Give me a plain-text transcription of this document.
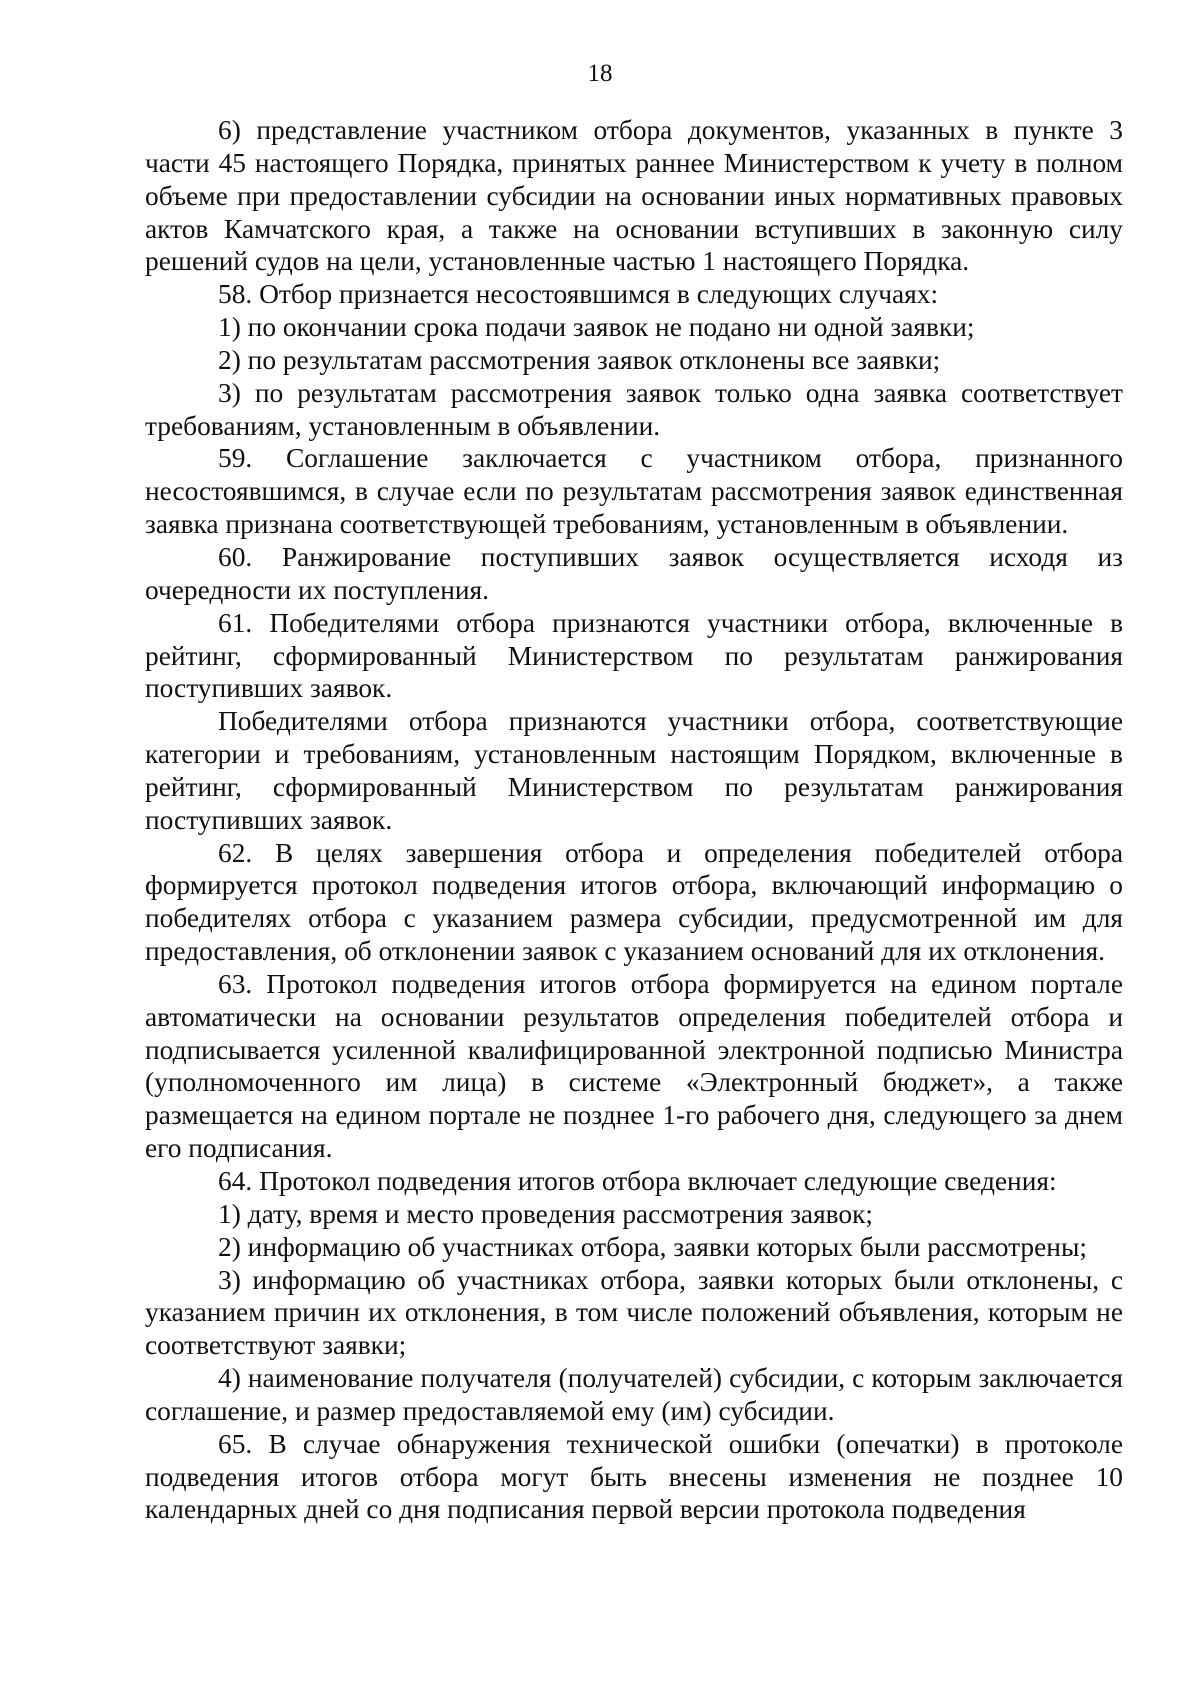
18

6) представление участником отбора документов, указанных в пункте 3 части 45 настоящего Порядка, принятых раннее Министерством к учету в полном объеме при предоставлении субсидии на основании иных нормативных правовых актов Камчатского края, а также на основании вступивших в законную силу решений судов на цели, установленные частью 1 настоящего Порядка.

58. Отбор признается несостоявшимся в следующих случаях:

1) по окончании срока подачи заявок не подано ни одной заявки;

2) по результатам рассмотрения заявок отклонены все заявки;

3) по результатам рассмотрения заявок только одна заявка соответствует требованиям, установленным в объявлении.

59. Соглашение заключается с участником отбора, признанного несостоявшимся, в случае если по результатам рассмотрения заявок единственная заявка признана соответствующей требованиям, установленным в объявлении.

60. Ранжирование поступивших заявок осуществляется исходя из очередности их поступления.

61. Победителями отбора признаются участники отбора, включенные в рейтинг, сформированный Министерством по результатам ранжирования поступивших заявок.

Победителями отбора признаются участники отбора, соответствующие категории и требованиям, установленным настоящим Порядком, включенные в рейтинг, сформированный Министерством по результатам ранжирования поступивших заявок.

62. В целях завершения отбора и определения победителей отбора формируется протокол подведения итогов отбора, включающий информацию о победителях отбора с указанием размера субсидии, предусмотренной им для предоставления, об отклонении заявок с указанием оснований для их отклонения.

63. Протокол подведения итогов отбора формируется на едином портале автоматически на основании результатов определения победителей отбора и подписывается усиленной квалифицированной электронной подписью Министра (уполномоченного им лица) в системе «Электронный бюджет», а также размещается на едином портале не позднее 1-го рабочего дня, следующего за днем его подписания.

64. Протокол подведения итогов отбора включает следующие сведения:

1) дату, время и место проведения рассмотрения заявок;

2) информацию об участниках отбора, заявки которых были рассмотрены;

3) информацию об участниках отбора, заявки которых были отклонены, с указанием причин их отклонения, в том числе положений объявления, которым не соответствуют заявки;

4) наименование получателя (получателей) субсидии, с которым заключается соглашение, и размер предоставляемой ему (им) субсидии.

65. В случае обнаружения технической ошибки (опечатки) в протоколе подведения итогов отбора могут быть внесены изменения не позднее 10 календарных дней со дня подписания первой версии протокола подведения
